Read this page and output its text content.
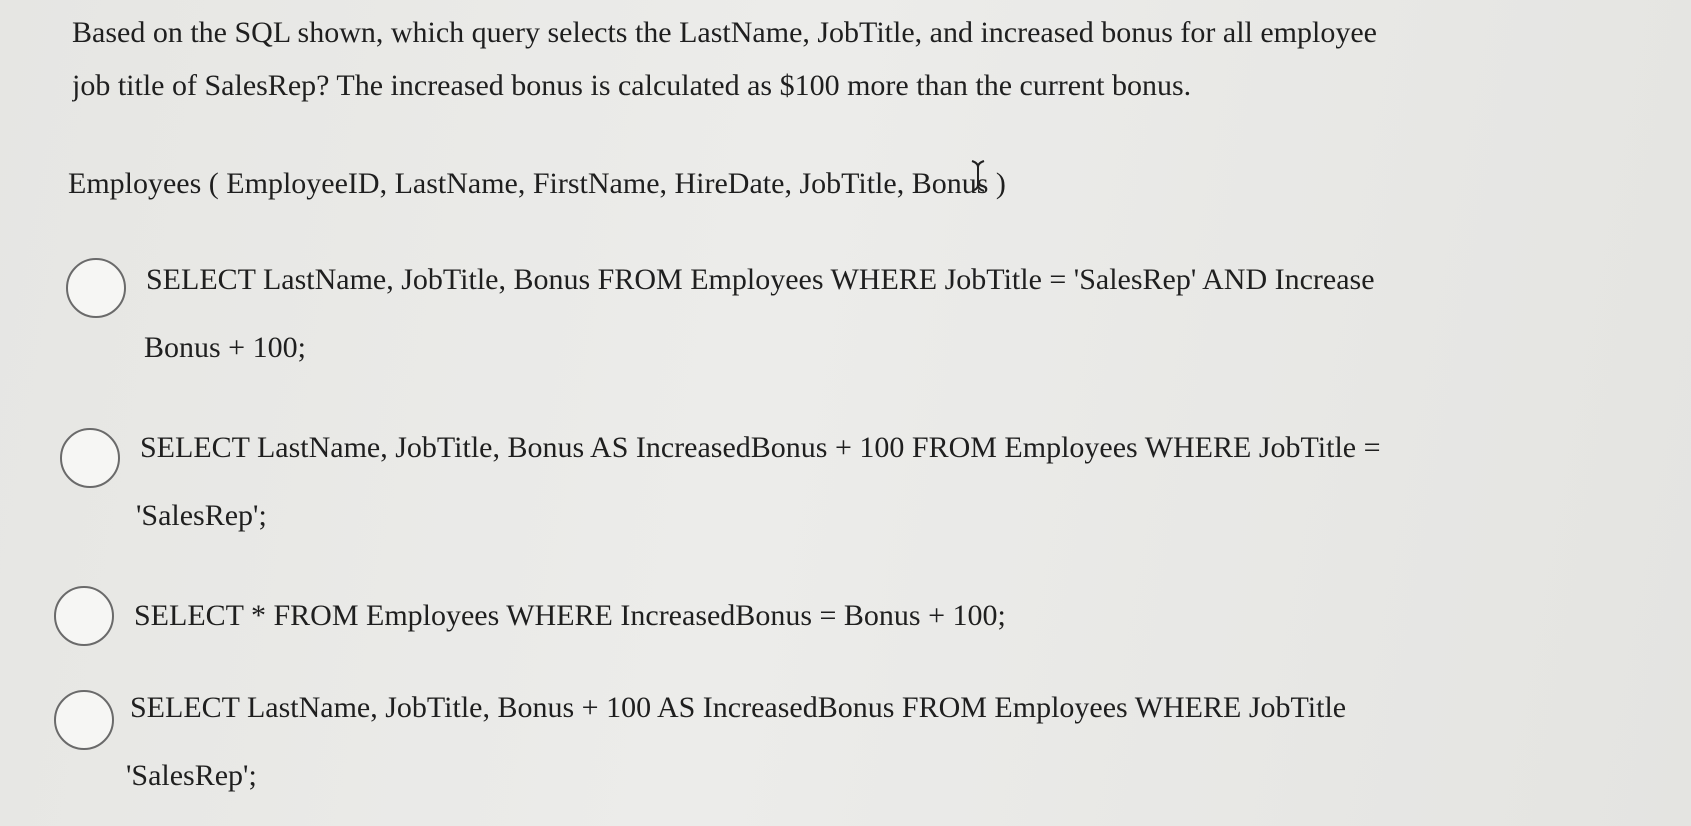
Based on the SQL shown, which query selects the LastName, JobTitle, and increased bonus for all employee
job title of SalesRep? The increased bonus is calculated as $100 more than the current bonus.
Employees ( EmployeeID, LastName, FirstName, HireDate, JobTitle, Bonus
)
SELECT LastName, JobTitle, Bonus FROM Employees WHERE JobTitle = 'SalesRep' AND Increase
Bonus + 100;
SELECT LastName, JobTitle, Bonus AS IncreasedBonus + 100 FROM Employees WHERE JobTitle =
'SalesRep';
SELECT * FROM Employees WHERE IncreasedBonus = Bonus + 100;
SELECT LastName, JobTitle, Bonus + 100 AS IncreasedBonus FROM Employees WHERE JobTitle
'SalesRep';
